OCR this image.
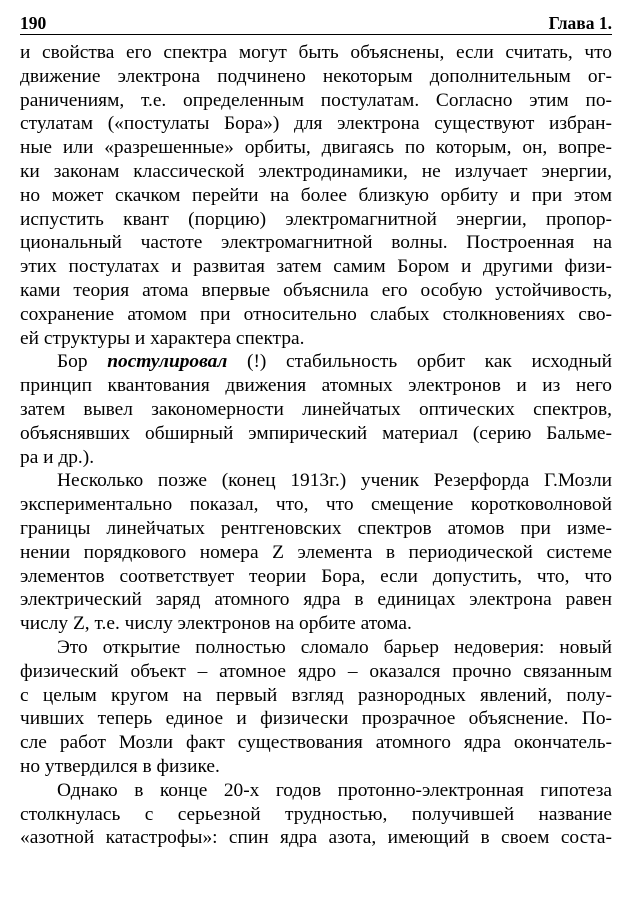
190	Глава 1.
и свойства его спектра могут быть объяснены, если считать, что
движение электрона подчинено некоторым дополнительным ог-
раничениям, т.е. определенным постулатам. Согласно этим по-
стулатам («постулаты Бора») для электрона существуют избран-
ные или «разрешенные» орбиты, двигаясь по которым, он, вопре-
ки законам классической электродинамики, не излучает энергии,
но может скачком перейти на более близкую орбиту и при этом
испустить квант (порцию) электромагнитной энергии, пропор-
циональный частоте электромагнитной волны. Построенная на
этих постулатах и развитая затем самим Бором и другими физи-
ками теория атома впервые объяснила его особую устойчивость,
сохранение атомом при относительно слабых столкновениях сво-
ей структуры и характера спектра.
Бор постулировал (!) стабильность орбит как исходный
принцип квантования движения атомных электронов и из него
затем вывел закономерности линейчатых оптических спектров,
объяснявших обширный эмпирический материал (серию Бальме-
ра и др.).
Несколько позже (конец 1913г.) ученик Резерфорда Г.Мозли
экспериментально показал, что, что смещение коротковолновой
границы линейчатых рентгеновских спектров атомов при изме-
нении порядкового номера Z элемента в периодической системе
элементов соответствует теории Бора, если допустить, что, что
электрический заряд атомного ядра в единицах электрона равен
числу Z, т.е. числу электронов на орбите атома.
Это открытие полностью сломало барьер недоверия: новый
физический объект – атомное ядро – оказался прочно связанным
с целым кругом на первый взгляд разнородных явлений, полу-
чивших теперь единое и физически прозрачное объяснение. По-
сле работ Мозли факт существования атомного ядра окончатель-
но утвердился в физике.
Однако в конце 20-х годов протонно-электронная гипотеза
столкнулась с серьезной трудностью, получившей название
«азотной катастрофы»: спин ядра азота, имеющий в своем соста-
